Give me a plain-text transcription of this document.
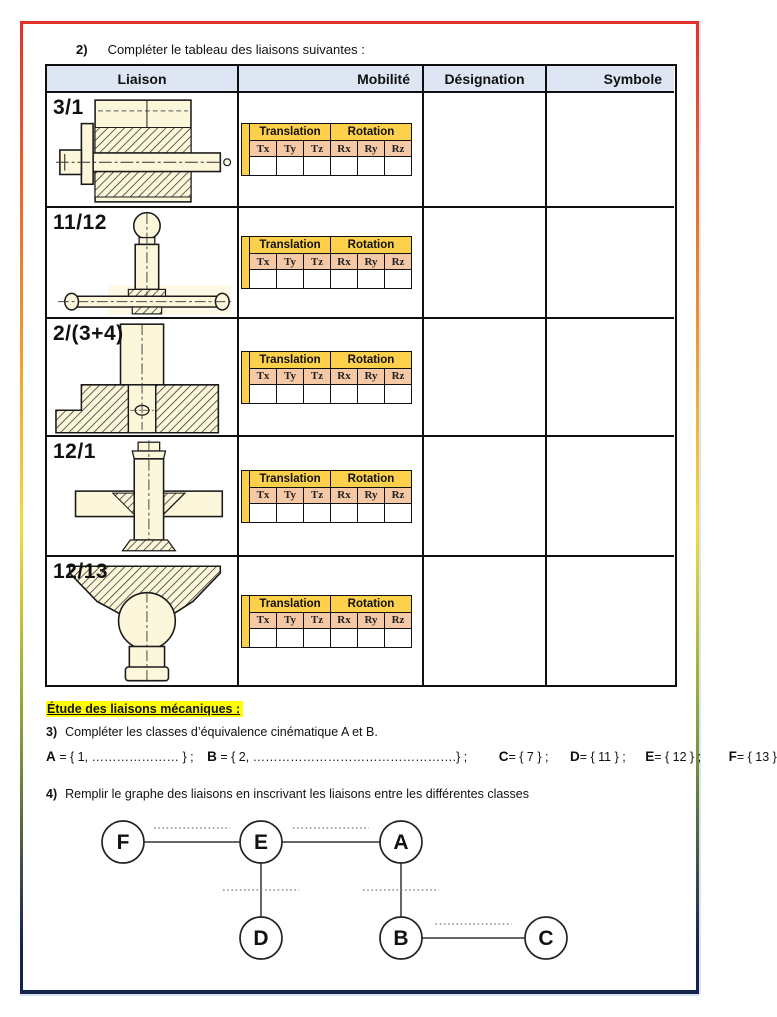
2) Compléter le tableau des liaisons suivantes :
Liaison	Mobilité	Désignation	Symbole
3/1
	Translation			Rotation		
	Tx	Ty	Tz	Rx	Ry	Rz

11/12
	Translation			Rotation		
	Tx	Ty	Tz	Rx	Ry	Rz

2/(3+4)
	Translation			Rotation		
	Tx	Ty	Tz	Rx	Ry	Rz

12/1
	Translation			Rotation		
	Tx	Ty	Tz	Rx	Ry	Rz

12/13
	Translation			Rotation		
	Tx	Ty	Tz	Rx	Ry	Rz

Étude des liaisons mécaniques :
3) Compléter les classes d’équivalence cinématique A et B.
A = { 1, ………………… } ; B = { 2, ………………………………………….} ; C= { 7 } ; D= { 11 } ; E= { 12 } ; F= { 13 }
4) Remplir le graphe des liaisons en inscrivant les liaisons entre les différentes classes
F	E	A
D	B	C
